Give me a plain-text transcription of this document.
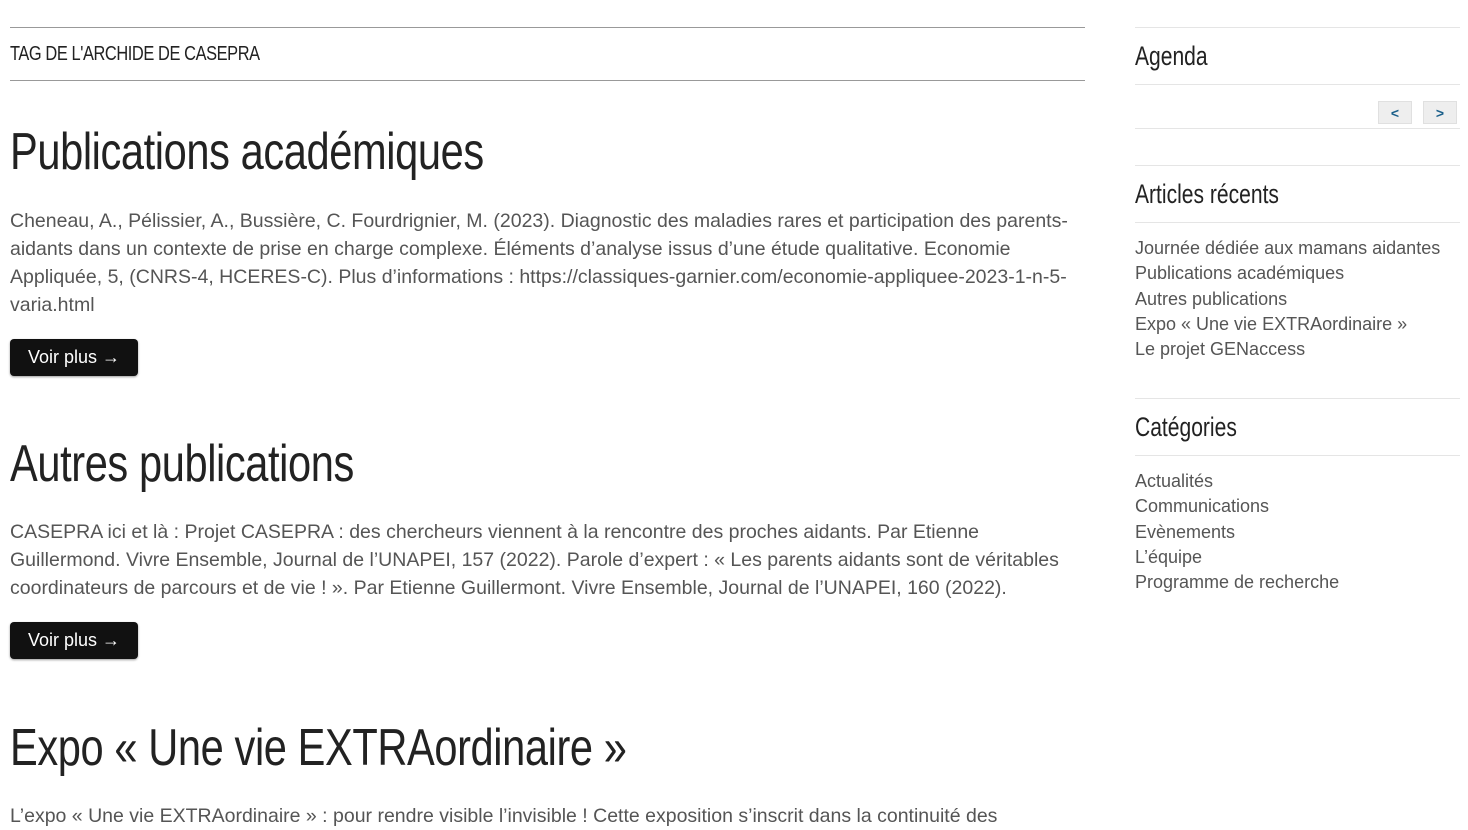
TAG DE L'ARCHIDE DE CASEPRA
Publications académiques

Cheneau, A., Pélissier, A., Bussière, C. Fourdrignier, M. (2023). Diagnostic des maladies rares et participation des parents-aidants dans un contexte de prise en charge complexe. Éléments d’analyse issus d’une étude qualitative. Economie Appliquée, 5, (CNRS-4, HCERES-C). Plus d’informations : https://classiques-garnier.com/economie-appliquee-2023-1-n-5-varia.html

Voir plus →
Autres publications

CASEPRA ici et là : Projet CASEPRA : des chercheurs viennent à la rencontre des proches aidants. Par Etienne Guillermond. Vivre Ensemble, Journal de l’UNAPEI, 157 (2022). Parole d’expert : « Les parents aidants sont de véritables coordinateurs de parcours et de vie ! ». Par Etienne Guillermont. Vivre Ensemble, Journal de l’UNAPEI, 160 (2022).

Voir plus →
Expo « Une vie EXTRAordinaire »

L’expo « Une vie EXTRAordinaire » : pour rendre visible l’invisible ! Cette exposition s’inscrit dans la continuité des

Agenda
<	>
Articles récents
Journée dédiée aux mamans aidantes
Publications académiques
Autres publications
Expo « Une vie EXTRAordinaire »
Le projet GENaccess
Catégories
Actualités
Communications
Evènements
L’équipe
Programme de recherche
